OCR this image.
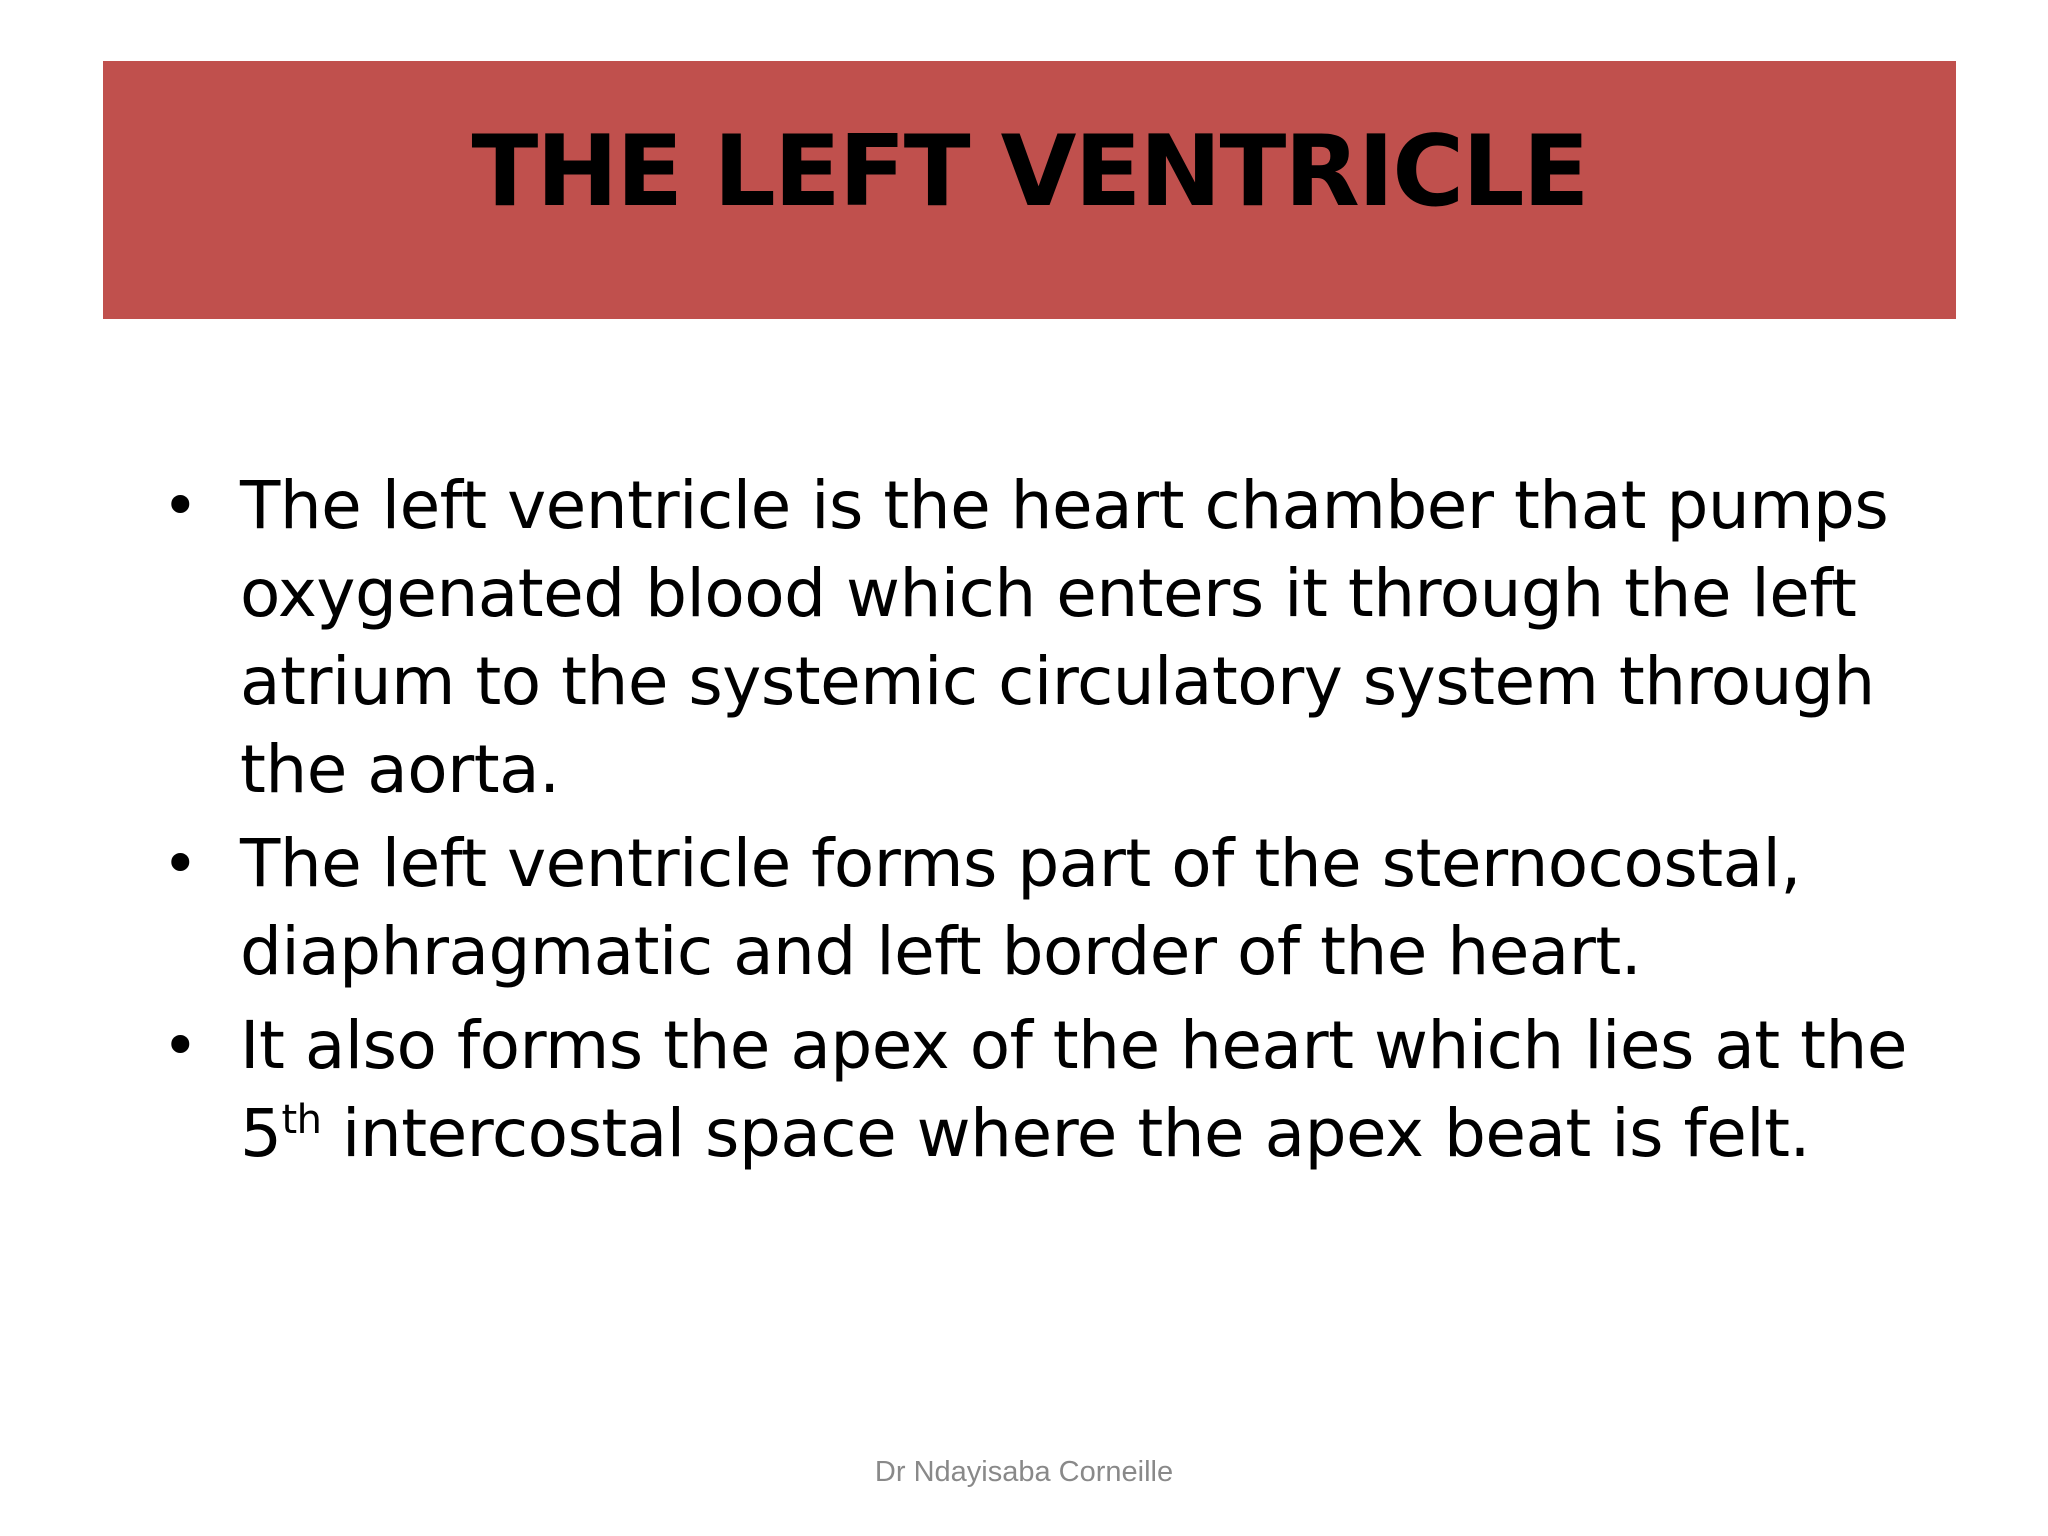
THE LEFT VENTRICLE
• The left ventricle is the heart chamber that pumps
oxygenated blood which enters it through the left
atrium to the systemic circulatory system through
the aorta.
• The left ventricle forms part of the sternocostal,
diaphragmatic and left border of the heart.
• It also forms the apex of the heart which lies at the
5th intercostal space where the apex beat is felt.
Dr Ndayisaba Corneille
